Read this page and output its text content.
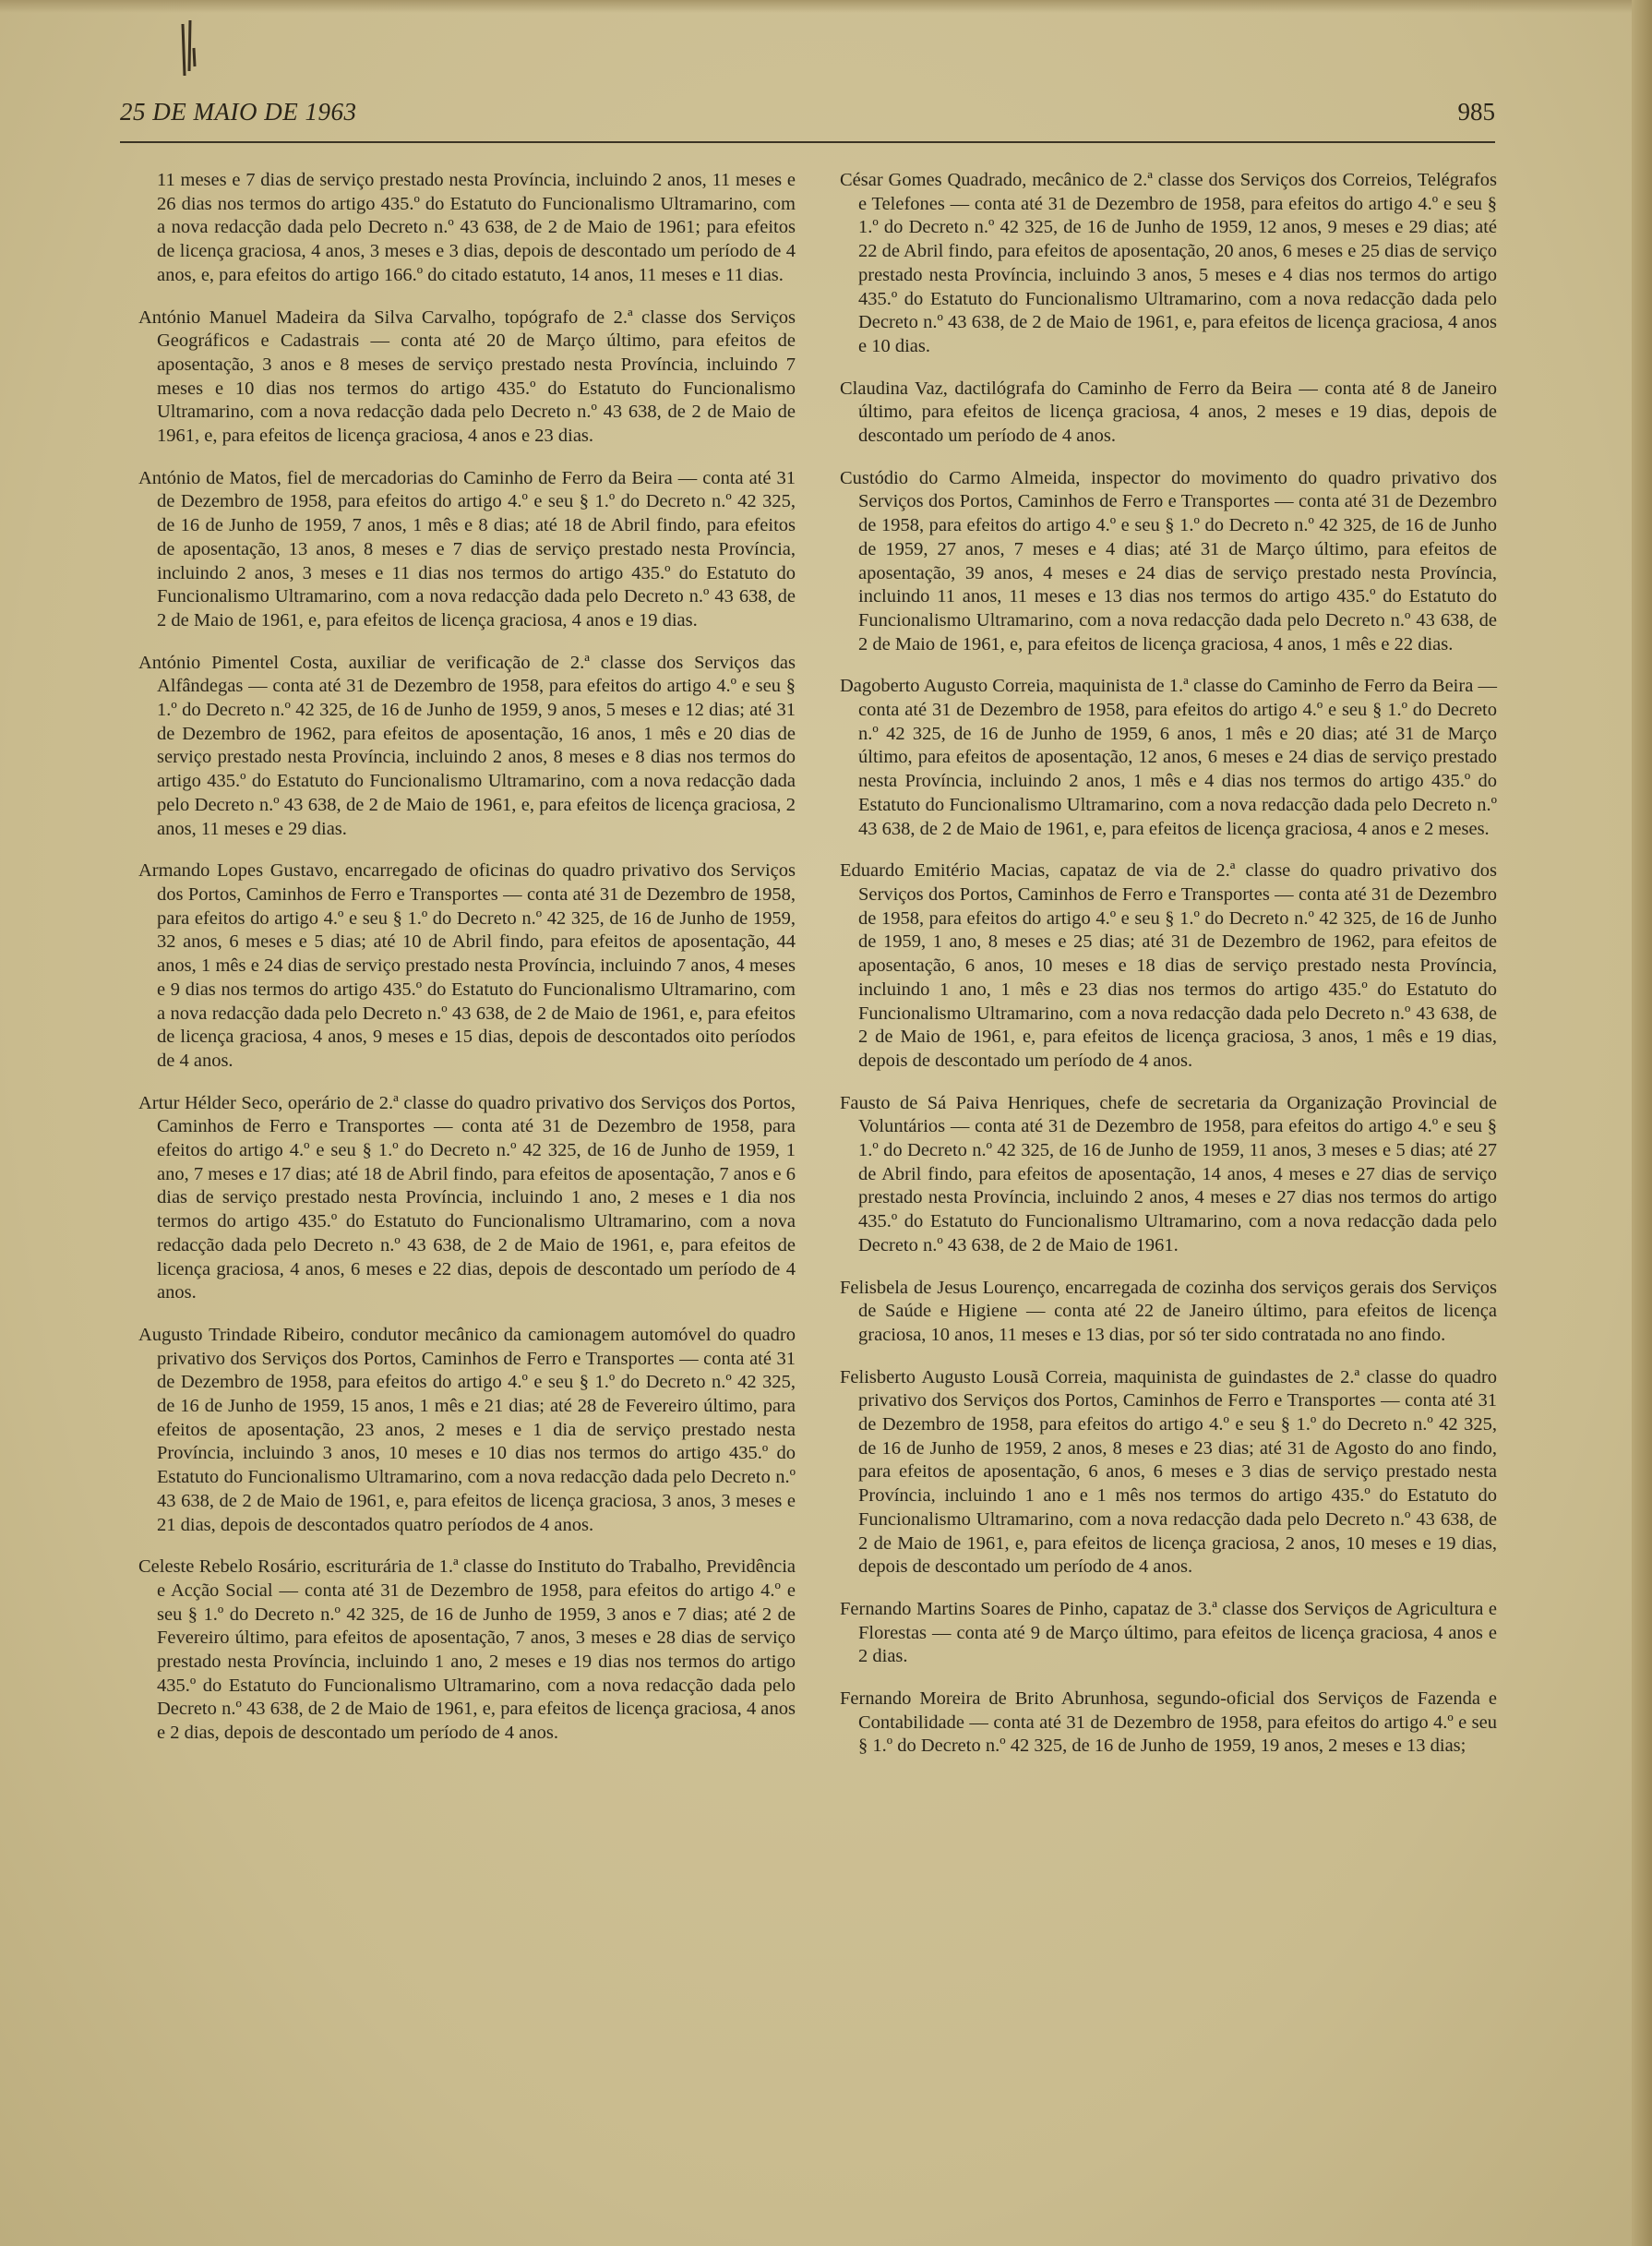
25 DE MAIO DE 1963	985

11 meses e 7 dias de serviço prestado nesta Província, incluindo 2 anos, 11 meses e 26 dias nos termos do artigo 435.º do Estatuto do Funcionalismo Ultramarino, com a nova redacção dada pelo Decreto n.º 43 638, de 2 de Maio de 1961; para efeitos de licença graciosa, 4 anos, 3 meses e 3 dias, depois de descontado um período de 4 anos, e, para efeitos do artigo 166.º do citado estatuto, 14 anos, 11 meses e 11 dias.

António Manuel Madeira da Silva Carvalho, topógrafo de 2.ª classe dos Serviços Geográficos e Cadastrais — conta até 20 de Março último, para efeitos de aposentação, 3 anos e 8 meses de serviço prestado nesta Província, incluindo 7 meses e 10 dias nos termos do artigo 435.º do Estatuto do Funcionalismo Ultramarino, com a nova redacção dada pelo Decreto n.º 43 638, de 2 de Maio de 1961, e, para efeitos de licença graciosa, 4 anos e 23 dias.

António de Matos, fiel de mercadorias do Caminho de Ferro da Beira — conta até 31 de Dezembro de 1958, para efeitos do artigo 4.º e seu § 1.º do Decreto n.º 42 325, de 16 de Junho de 1959, 7 anos, 1 mês e 8 dias; até 18 de Abril findo, para efeitos de aposentação, 13 anos, 8 meses e 7 dias de serviço prestado nesta Província, incluindo 2 anos, 3 meses e 11 dias nos termos do artigo 435.º do Estatuto do Funcionalismo Ultramarino, com a nova redacção dada pelo Decreto n.º 43 638, de 2 de Maio de 1961, e, para efeitos de licença graciosa, 4 anos e 19 dias.

António Pimentel Costa, auxiliar de verificação de 2.ª classe dos Serviços das Alfândegas — conta até 31 de Dezembro de 1958, para efeitos do artigo 4.º e seu § 1.º do Decreto n.º 42 325, de 16 de Junho de 1959, 9 anos, 5 meses e 12 dias; até 31 de Dezembro de 1962, para efeitos de aposentação, 16 anos, 1 mês e 20 dias de serviço prestado nesta Província, incluindo 2 anos, 8 meses e 8 dias nos termos do artigo 435.º do Estatuto do Funcionalismo Ultramarino, com a nova redacção dada pelo Decreto n.º 43 638, de 2 de Maio de 1961, e, para efeitos de licença graciosa, 2 anos, 11 meses e 29 dias.

Armando Lopes Gustavo, encarregado de oficinas do quadro privativo dos Serviços dos Portos, Caminhos de Ferro e Transportes — conta até 31 de Dezembro de 1958, para efeitos do artigo 4.º e seu § 1.º do Decreto n.º 42 325, de 16 de Junho de 1959, 32 anos, 6 meses e 5 dias; até 10 de Abril findo, para efeitos de aposentação, 44 anos, 1 mês e 24 dias de serviço prestado nesta Província, incluindo 7 anos, 4 meses e 9 dias nos termos do artigo 435.º do Estatuto do Funcionalismo Ultramarino, com a nova redacção dada pelo Decreto n.º 43 638, de 2 de Maio de 1961, e, para efeitos de licença graciosa, 4 anos, 9 meses e 15 dias, depois de descontados oito períodos de 4 anos.

Artur Hélder Seco, operário de 2.ª classe do quadro privativo dos Serviços dos Portos, Caminhos de Ferro e Transportes — conta até 31 de Dezembro de 1958, para efeitos do artigo 4.º e seu § 1.º do Decreto n.º 42 325, de 16 de Junho de 1959, 1 ano, 7 meses e 17 dias; até 18 de Abril findo, para efeitos de aposentação, 7 anos e 6 dias de serviço prestado nesta Província, incluindo 1 ano, 2 meses e 1 dia nos termos do artigo 435.º do Estatuto do Funcionalismo Ultramarino, com a nova redacção dada pelo Decreto n.º 43 638, de 2 de Maio de 1961, e, para efeitos de licença graciosa, 4 anos, 6 meses e 22 dias, depois de descontado um período de 4 anos.

Augusto Trindade Ribeiro, condutor mecânico da camionagem automóvel do quadro privativo dos Serviços dos Portos, Caminhos de Ferro e Transportes — conta até 31 de Dezembro de 1958, para efeitos do artigo 4.º e seu § 1.º do Decreto n.º 42 325, de 16 de Junho de 1959, 15 anos, 1 mês e 21 dias; até 28 de Fevereiro último, para efeitos de aposentação, 23 anos, 2 meses e 1 dia de serviço prestado nesta Província, incluindo 3 anos, 10 meses e 10 dias nos termos do artigo 435.º do Estatuto do Funcionalismo Ultramarino, com a nova redacção dada pelo Decreto n.º 43 638, de 2 de Maio de 1961, e, para efeitos de licença graciosa, 3 anos, 3 meses e 21 dias, depois de descontados quatro períodos de 4 anos.

Celeste Rebelo Rosário, escriturária de 1.ª classe do Instituto do Trabalho, Previdência e Acção Social — conta até 31 de Dezembro de 1958, para efeitos do artigo 4.º e seu § 1.º do Decreto n.º 42 325, de 16 de Junho de 1959, 3 anos e 7 dias; até 2 de Fevereiro último, para efeitos de aposentação, 7 anos, 3 meses e 28 dias de serviço prestado nesta Província, incluindo 1 ano, 2 meses e 19 dias nos termos do artigo 435.º do Estatuto do Funcionalismo Ultramarino, com a nova redacção dada pelo Decreto n.º 43 638, de 2 de Maio de 1961, e, para efeitos de licença graciosa, 4 anos e 2 dias, depois de descontado um período de 4 anos.

César Gomes Quadrado, mecânico de 2.ª classe dos Serviços dos Correios, Telégrafos e Telefones — conta até 31 de Dezembro de 1958, para efeitos do artigo 4.º e seu § 1.º do Decreto n.º 42 325, de 16 de Junho de 1959, 12 anos, 9 meses e 29 dias; até 22 de Abril findo, para efeitos de aposentação, 20 anos, 6 meses e 25 dias de serviço prestado nesta Província, incluindo 3 anos, 5 meses e 4 dias nos termos do artigo 435.º do Estatuto do Funcionalismo Ultramarino, com a nova redacção dada pelo Decreto n.º 43 638, de 2 de Maio de 1961, e, para efeitos de licença graciosa, 4 anos e 10 dias.

Claudina Vaz, dactilógrafa do Caminho de Ferro da Beira — conta até 8 de Janeiro último, para efeitos de licença graciosa, 4 anos, 2 meses e 19 dias, depois de descontado um período de 4 anos.

Custódio do Carmo Almeida, inspector do movimento do quadro privativo dos Serviços dos Portos, Caminhos de Ferro e Transportes — conta até 31 de Dezembro de 1958, para efeitos do artigo 4.º e seu § 1.º do Decreto n.º 42 325, de 16 de Junho de 1959, 27 anos, 7 meses e 4 dias; até 31 de Março último, para efeitos de aposentação, 39 anos, 4 meses e 24 dias de serviço prestado nesta Província, incluindo 11 anos, 11 meses e 13 dias nos termos do artigo 435.º do Estatuto do Funcionalismo Ultramarino, com a nova redacção dada pelo Decreto n.º 43 638, de 2 de Maio de 1961, e, para efeitos de licença graciosa, 4 anos, 1 mês e 22 dias.

Dagoberto Augusto Correia, maquinista de 1.ª classe do Caminho de Ferro da Beira — conta até 31 de Dezembro de 1958, para efeitos do artigo 4.º e seu § 1.º do Decreto n.º 42 325, de 16 de Junho de 1959, 6 anos, 1 mês e 20 dias; até 31 de Março último, para efeitos de aposentação, 12 anos, 6 meses e 24 dias de serviço prestado nesta Província, incluindo 2 anos, 1 mês e 4 dias nos termos do artigo 435.º do Estatuto do Funcionalismo Ultramarino, com a nova redacção dada pelo Decreto n.º 43 638, de 2 de Maio de 1961, e, para efeitos de licença graciosa, 4 anos e 2 meses.

Eduardo Emitério Macias, capataz de via de 2.ª classe do quadro privativo dos Serviços dos Portos, Caminhos de Ferro e Transportes — conta até 31 de Dezembro de 1958, para efeitos do artigo 4.º e seu § 1.º do Decreto n.º 42 325, de 16 de Junho de 1959, 1 ano, 8 meses e 25 dias; até 31 de Dezembro de 1962, para efeitos de aposentação, 6 anos, 10 meses e 18 dias de serviço prestado nesta Província, incluindo 1 ano, 1 mês e 23 dias nos termos do artigo 435.º do Estatuto do Funcionalismo Ultramarino, com a nova redacção dada pelo Decreto n.º 43 638, de 2 de Maio de 1961, e, para efeitos de licença graciosa, 3 anos, 1 mês e 19 dias, depois de descontado um período de 4 anos.

Fausto de Sá Paiva Henriques, chefe de secretaria da Organização Provincial de Voluntários — conta até 31 de Dezembro de 1958, para efeitos do artigo 4.º e seu § 1.º do Decreto n.º 42 325, de 16 de Junho de 1959, 11 anos, 3 meses e 5 dias; até 27 de Abril findo, para efeitos de aposentação, 14 anos, 4 meses e 27 dias de serviço prestado nesta Província, incluindo 2 anos, 4 meses e 27 dias nos termos do artigo 435.º do Estatuto do Funcionalismo Ultramarino, com a nova redacção dada pelo Decreto n.º 43 638, de 2 de Maio de 1961.

Felisbela de Jesus Lourenço, encarregada de cozinha dos serviços gerais dos Serviços de Saúde e Higiene — conta até 22 de Janeiro último, para efeitos de licença graciosa, 10 anos, 11 meses e 13 dias, por só ter sido contratada no ano findo.

Felisberto Augusto Lousã Correia, maquinista de guindastes de 2.ª classe do quadro privativo dos Serviços dos Portos, Caminhos de Ferro e Transportes — conta até 31 de Dezembro de 1958, para efeitos do artigo 4.º e seu § 1.º do Decreto n.º 42 325, de 16 de Junho de 1959, 2 anos, 8 meses e 23 dias; até 31 de Agosto do ano findo, para efeitos de aposentação, 6 anos, 6 meses e 3 dias de serviço prestado nesta Província, incluindo 1 ano e 1 mês nos termos do artigo 435.º do Estatuto do Funcionalismo Ultramarino, com a nova redacção dada pelo Decreto n.º 43 638, de 2 de Maio de 1961, e, para efeitos de licença graciosa, 2 anos, 10 meses e 19 dias, depois de descontado um período de 4 anos.

Fernando Martins Soares de Pinho, capataz de 3.ª classe dos Serviços de Agricultura e Florestas — conta até 9 de Março último, para efeitos de licença graciosa, 4 anos e 2 dias.

Fernando Moreira de Brito Abrunhosa, segundo-oficial dos Serviços de Fazenda e Contabilidade — conta até 31 de Dezembro de 1958, para efeitos do artigo 4.º e seu § 1.º do Decreto n.º 42 325, de 16 de Junho de 1959, 19 anos, 2 meses e 13 dias;
